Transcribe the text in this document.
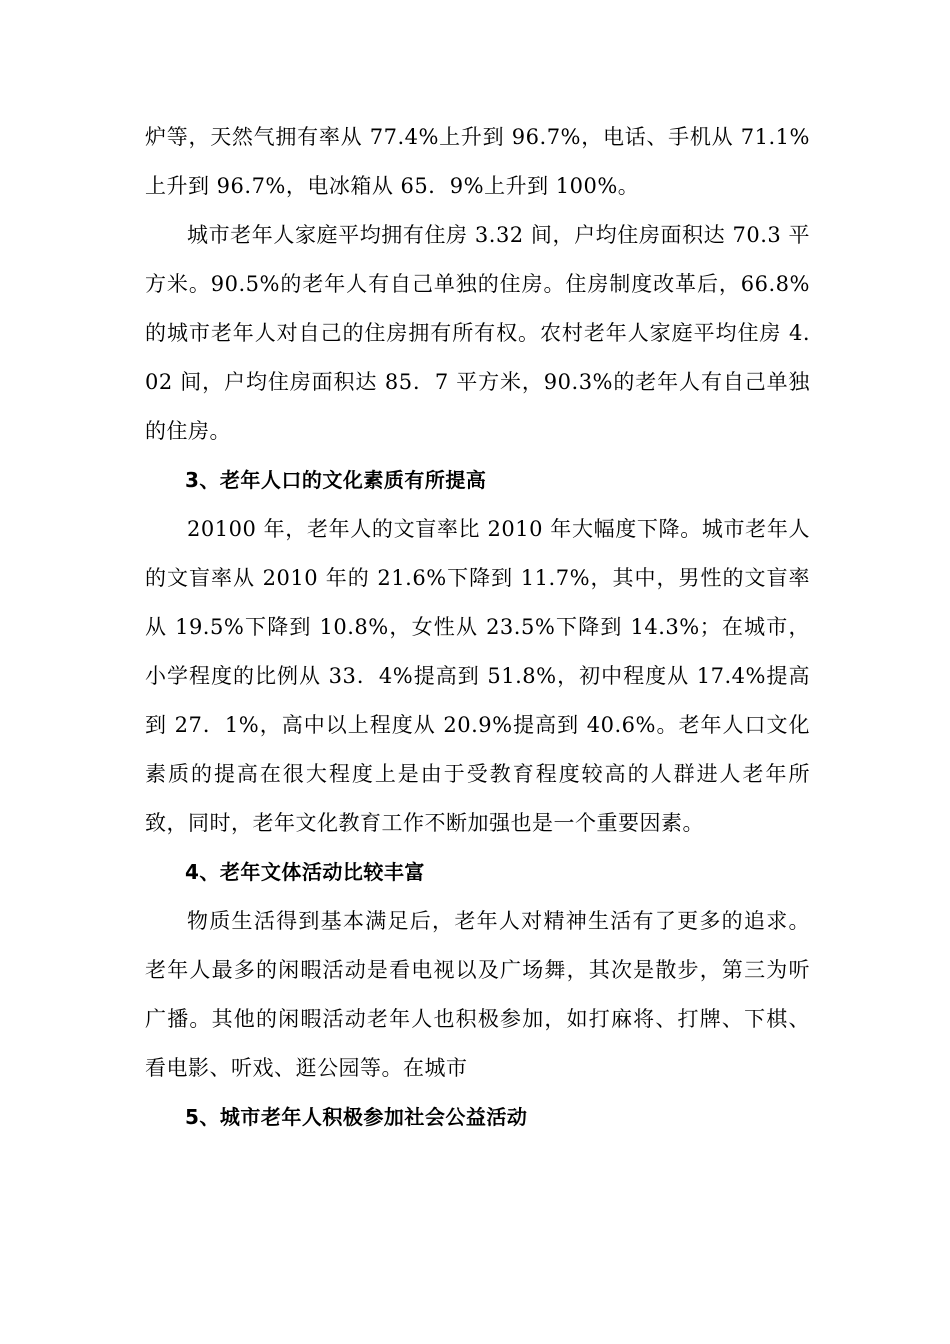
炉等，天然气拥有率从 77.4%上升到 96.7%，电话、手机从 71.1%上升到 96.7%，电冰箱从 65．9%上升到 100%。

城市老年人家庭平均拥有住房 3.32 间，户均住房面积达 70.3 平方米。90.5%的老年人有自己单独的住房。住房制度改革后，66.8%的城市老年人对自己的住房拥有所有权。农村老年人家庭平均住房 4.02 间，户均住房面积达 85．7 平方米，90.3%的老年人有自己单独的住房。

3、老年人口的文化素质有所提高

20100 年，老年人的文盲率比 2010 年大幅度下降。城市老年人的文盲率从 2010 年的 21.6%下降到 11.7%，其中，男性的文盲率从 19.5%下降到 10.8%，女性从 23.5%下降到 14.3%；在城市，小学程度的比例从 33．4%提高到 51.8%，初中程度从 17.4%提高到 27．1%，高中以上程度从 20.9%提高到 40.6%。老年人口文化素质的提高在很大程度上是由于受教育程度较高的人群进人老年所致，同时，老年文化教育工作不断加强也是一个重要因素。

4、老年文体活动比较丰富

物质生活得到基本满足后，老年人对精神生活有了更多的追求。老年人最多的闲暇活动是看电视以及广场舞，其次是散步，第三为听广播。其他的闲暇活动老年人也积极参加，如打麻将、打牌、下棋、看电影、听戏、逛公园等。在城市

5、城市老年人积极参加社会公益活动
